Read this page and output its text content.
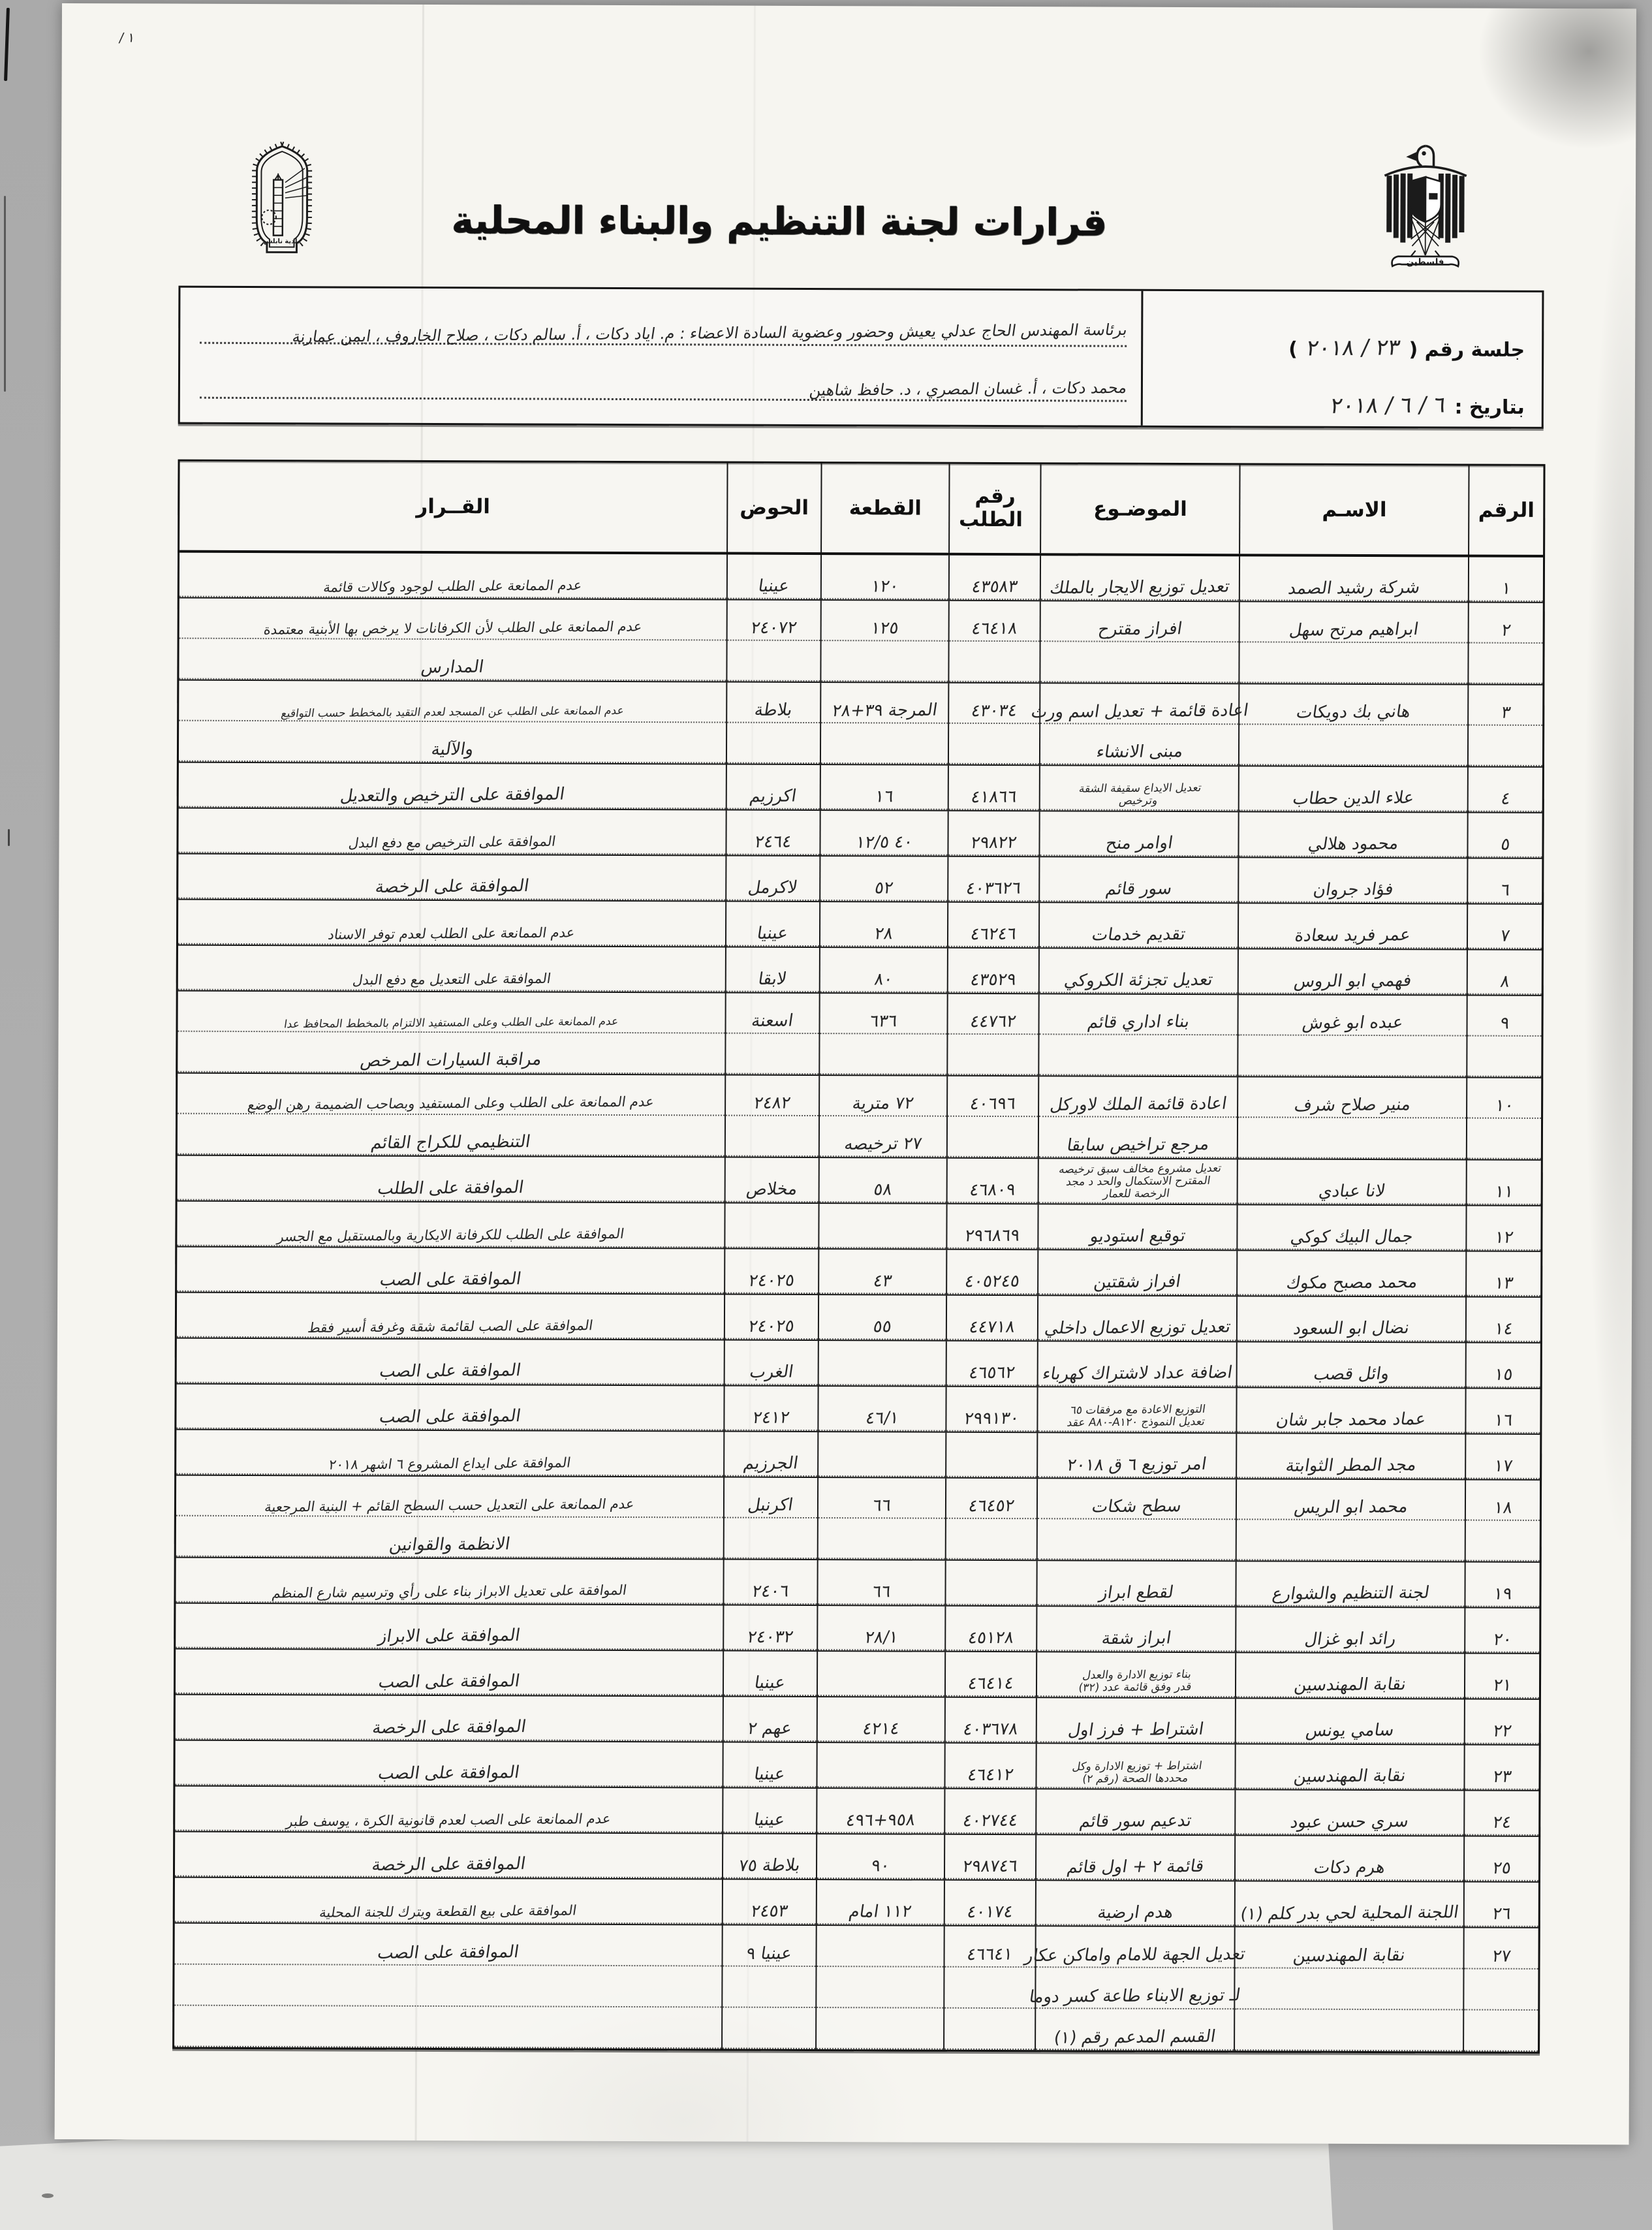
١ /
بلدية نابلس	قرارات لجنة التنظيم والبناء المحلية
فلسطين
جلسة رقم (
٢٣ / ٢٠١٨
)
بتاريخ :
٦ / ٦ / ٢٠١٨
برئاسة المهندس الحاج عدلي يعيش وحضور وعضوية السادة الاعضاء : م. اياد دكات ، أ. سالم دكات ، صلاح الخاروف ، ايمن عمارنة
محمد دكات ، أ. غسان المصري ، د. حافظ شاهين
الرقم
الاسـم
الموضـوع
رقم الطلب
القطعة
الحوض
القــرار
١
شركة رشيد الصمد
تعديل توزيع الايجار بالملك
٤٣٥٨٣
١٢٠
عينيا
عدم الممانعة على الطلب لوجود وكالات قائمة
٢
ابراهيم مرتح سهل
افراز مقترح
٤٦٤١٨
١٢٥
٢٤٠٧٢
عدم الممانعة على الطلب لأن الكرفانات لا يرخص بها الأبنية معتمدة
المدارس
٣
هاني بك دويكات
اعادة قائمة + تعديل اسم ورث
مبنى الانشاء
٤٣٠٣٤
المرجة ٣٩+٢٨
بلاطة
عدم الممانعة على الطلب عن المسجد لعدم التقيد بالمخطط حسب التواقيع
والآلية
٤
علاء الدين حطاب
تعديل الايداع سقيفة الشقة
وترخيص
٤١٨٦٦
١٦
اكرزيم
الموافقة على الترخيص والتعديل
٥
محمود هلالي
اوامر منح
٢٩٨٢٢
٤٠ ١٢/٥
٢٤٦٤
الموافقة على الترخيص مع دفع البدل
٦
فؤاد جروان
سور قائم
٤٠٣٦٢٦
٥٢
لاكرمل
الموافقة على الرخصة
٧
عمر فريد سعادة
تقديم خدمات
٤٦٢٤٦
٢٨
عينيا
عدم الممانعة على الطلب لعدم توفر الاسناد
٨
فهمي ابو الروس
تعديل تجزئة الكروكي
٤٣٥٢٩
٨٠
لابقا
الموافقة على التعديل مع دفع البدل
٩
عبده ابو غوش
بناء اداري قائم
٤٤٧٦٢
٦٣٦
اسعنة
عدم الممانعة على الطلب وعلى المستفيد الالتزام بالمخطط المحافظ عدا
مراقبة السيارات المرخص
١٠
منير صلاح شرف
اعادة قائمة الملك لاوركل
مرجع تراخيص سابقا
٤٠٦٩٦
٧٢ مترية
٢٧ ترخيصه
٢٤٨٢
عدم الممانعة على الطلب وعلى المستفيد وبصاحب الضميمة رهن الوضع
التنظيمي للكراج القائم
١١
لانا عبادي
تعديل مشروع مخالف سبق ترخيصه
المقترح الاستكمال والحد د مجد
الرخصة للعمار
٤٦٨٠٩
٥٨
مخلاص
الموافقة على الطلب
١٢
جمال البيك كوكي
توقيع استوديو
٢٩٦٨٦٩
الموافقة على الطلب للكرفانة الايكارية وبالمستقبل مع الجسر
١٣
محمد مصبح مكوك
افراز شقتين
٤٠٥٢٤٥
٤٣
٢٤٠٢٥
الموافقة على الصب
١٤
نضال ابو السعود
تعديل توزيع الاعمال داخلي
٤٤٧١٨
٥٥
٢٤٠٢٥
الموافقة على الصب لقائمة شقة وغرفة أسير فقط
١٥
وائل قصب
اضافة عداد لاشتراك كهرباء
٤٦٥٦٢
الغرب
الموافقة على الصب
١٦
عماد محمد جابر شان
التوزيع الاعادة مع مرفقات ٦٥
تعديل النموذج A١٢٠-A٨٠ عقد
٢٩٩١٣٠
٤٦/١
٢٤١٢
الموافقة على الصب
١٧
مجد المطر الثوابتة
امر توزيع ٦ ق ٢٠١٨
الجرزيم
الموافقة على ايداع المشروع ٦ اشهر ٢٠١٨
١٨
محمد ابو الريس
سطح شكات
٤٦٤٥٢
٦٦
اكرنبل
عدم الممانعة على التعديل حسب السطح القائم + البنية المرجعية
الانظمة والقوانين
١٩
لجنة التنظيم والشوارع
لقطع ابراز
٦٦
٢٤٠٦
الموافقة على تعديل الابراز بناء على رأي وترسيم شارع المنظم
٢٠
رائد ابو غزال
ابراز شقة
٤٥١٢٨
٢٨/١
٢٤٠٣٢
الموافقة على الابراز
٢١
نقابة المهندسين
بناء توزيع الادارة والعدل
قدر وفق قائمة عدد (٣٢)
٤٦٤١٤
عينيا
الموافقة على الصب
٢٢
سامي يونس
اشتراط + فرز اول
٤٠٣٦٧٨
٤٢١٤
عهم ٢
الموافقة على الرخصة
٢٣
نقابة المهندسين
اشتراط + توزيع الادارة وكل
محددها الصحة (رقم ٢)
٤٦٤١٢
عينيا
الموافقة على الصب
٢٤
سري حسن عبود
تدعيم سور قائم
٤٠٢٧٤٤
٩٥٨+٤٩٦
عينيا
عدم الممانعة على الصب لعدم قانونية الكرة ، يوسف طبر
٢٥
هرم دكات
قائمة ٢ + اول قائم
٢٩٨٧٤٦
٩٠
بلاطة ٧٥
الموافقة على الرخصة
٢٦
اللجنة المحلية لحي بدر كلم (١)
هدم ارضية
٤٠١٧٤
١١٢ امام
٢٤٥٣
الموافقة على بيع القطعة ويترك للجنة المحلية
٢٧
نقابة المهندسين
تعديل الجهة للامام واماكن عكار
لـ توزيع الابناء طاعة كسر دوما
القسم المدعم رقم (١)
٤٦٦٤١
عينيا ٩
الموافقة على الصب
